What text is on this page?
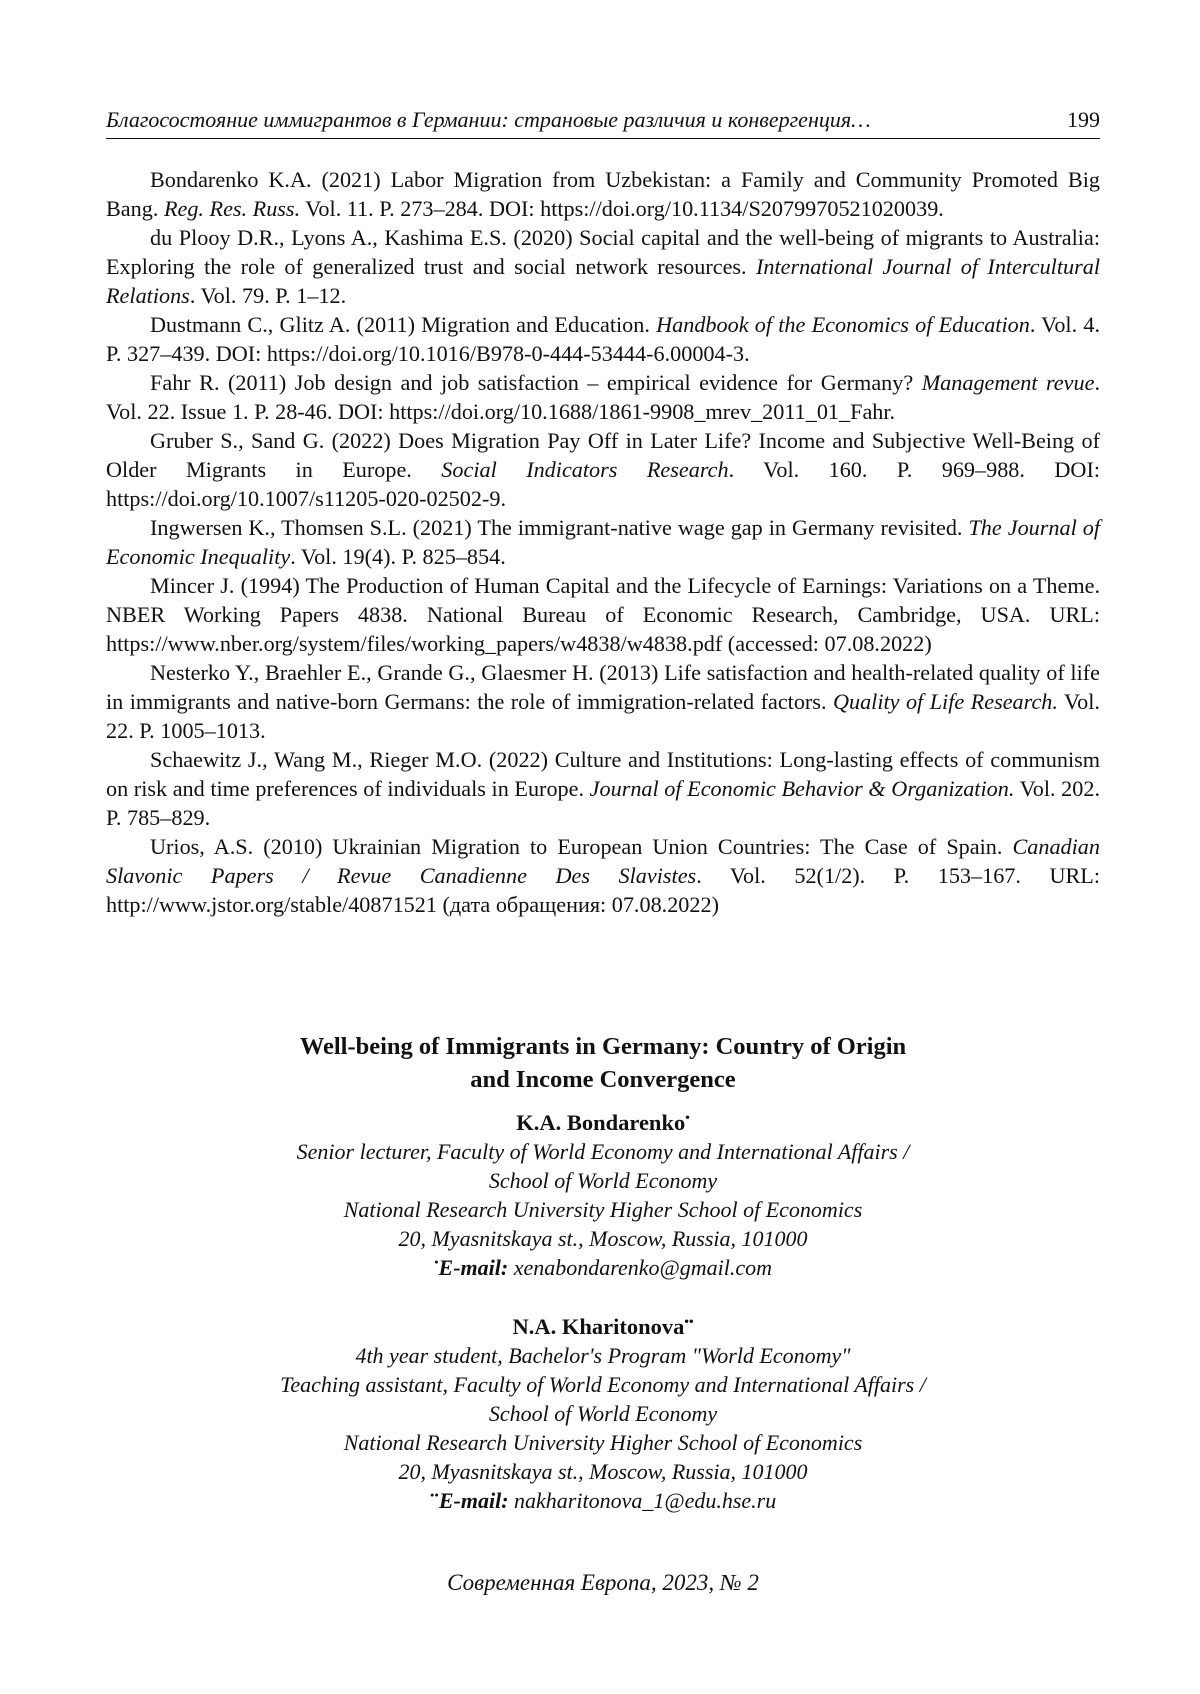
Благосостояние иммигрантов в Германии: страновые различия и конвергенция…	199

Bondarenko K.A. (2021) Labor Migration from Uzbekistan: a Family and Community Promoted Big Bang. Reg. Res. Russ. Vol. 11. P. 273–284. DOI: https://doi.org/10.1134/S2079970521020039.

du Plooy D.R., Lyons A., Kashima E.S. (2020) Social capital and the well-being of migrants to Australia: Exploring the role of generalized trust and social network resources. International Journal of Intercultural Relations. Vol. 79. P. 1–12.

Dustmann C., Glitz A. (2011) Migration and Education. Handbook of the Economics of Education. Vol. 4. P. 327–439. DOI: https://doi.org/10.1016/B978-0-444-53444-6.00004-3.

Fahr R. (2011) Job design and job satisfaction – empirical evidence for Germany? Management revue. Vol. 22. Issue 1. P. 28-46. DOI: https://doi.org/10.1688/1861-9908_mrev_2011_01_Fahr.

Gruber S., Sand G. (2022) Does Migration Pay Off in Later Life? Income and Subjective Well-Being of Older Migrants in Europe. Social Indicators Research. Vol. 160. P. 969–988. DOI: https://doi.org/10.1007/s11205-020-02502-9.

Ingwersen K., Thomsen S.L. (2021) The immigrant-native wage gap in Germany revisited. The Journal of Economic Inequality. Vol. 19(4). P. 825–854.

Mincer J. (1994) The Production of Human Capital and the Lifecycle of Earnings: Variations on a Theme. NBER Working Papers 4838. National Bureau of Economic Research, Cambridge, USA. URL: https://www.nber.org/system/files/working_papers/w4838/w4838.pdf (accessed: 07.08.2022)

Nesterko Y., Braehler E., Grande G., Glaesmer H. (2013) Life satisfaction and health-related quality of life in immigrants and native-born Germans: the role of immigration-related factors. Quality of Life Research. Vol. 22. P. 1005–1013.

Schaewitz J., Wang M., Rieger M.O. (2022) Culture and Institutions: Long-lasting effects of communism on risk and time preferences of individuals in Europe. Journal of Economic Behavior & Organization. Vol. 202. P. 785–829.

Urios, A.S. (2010) Ukrainian Migration to European Union Countries: The Case of Spain. Canadian Slavonic Papers / Revue Canadienne Des Slavistes. Vol. 52(1/2). P. 153–167. URL: http://www.jstor.org/stable/40871521 (дата обращения: 07.08.2022)

Well-being of Immigrants in Germany: Country of Origin

and Income Convergence

K.A. Bondarenko•

Senior lecturer, Faculty of World Economy and International Affairs /

School of World Economy

National Research University Higher School of Economics

20, Myasnitskaya st., Moscow, Russia, 101000

•E-mail: xenabondarenko@gmail.com

N.A. Kharitonova••

4th year student, Bachelor's Program "World Economy"

Teaching assistant, Faculty of World Economy and International Affairs /

School of World Economy

National Research University Higher School of Economics

20, Myasnitskaya st., Moscow, Russia, 101000

••E-mail: nakharitonova_1@edu.hse.ru

Современная Европа, 2023, № 2
